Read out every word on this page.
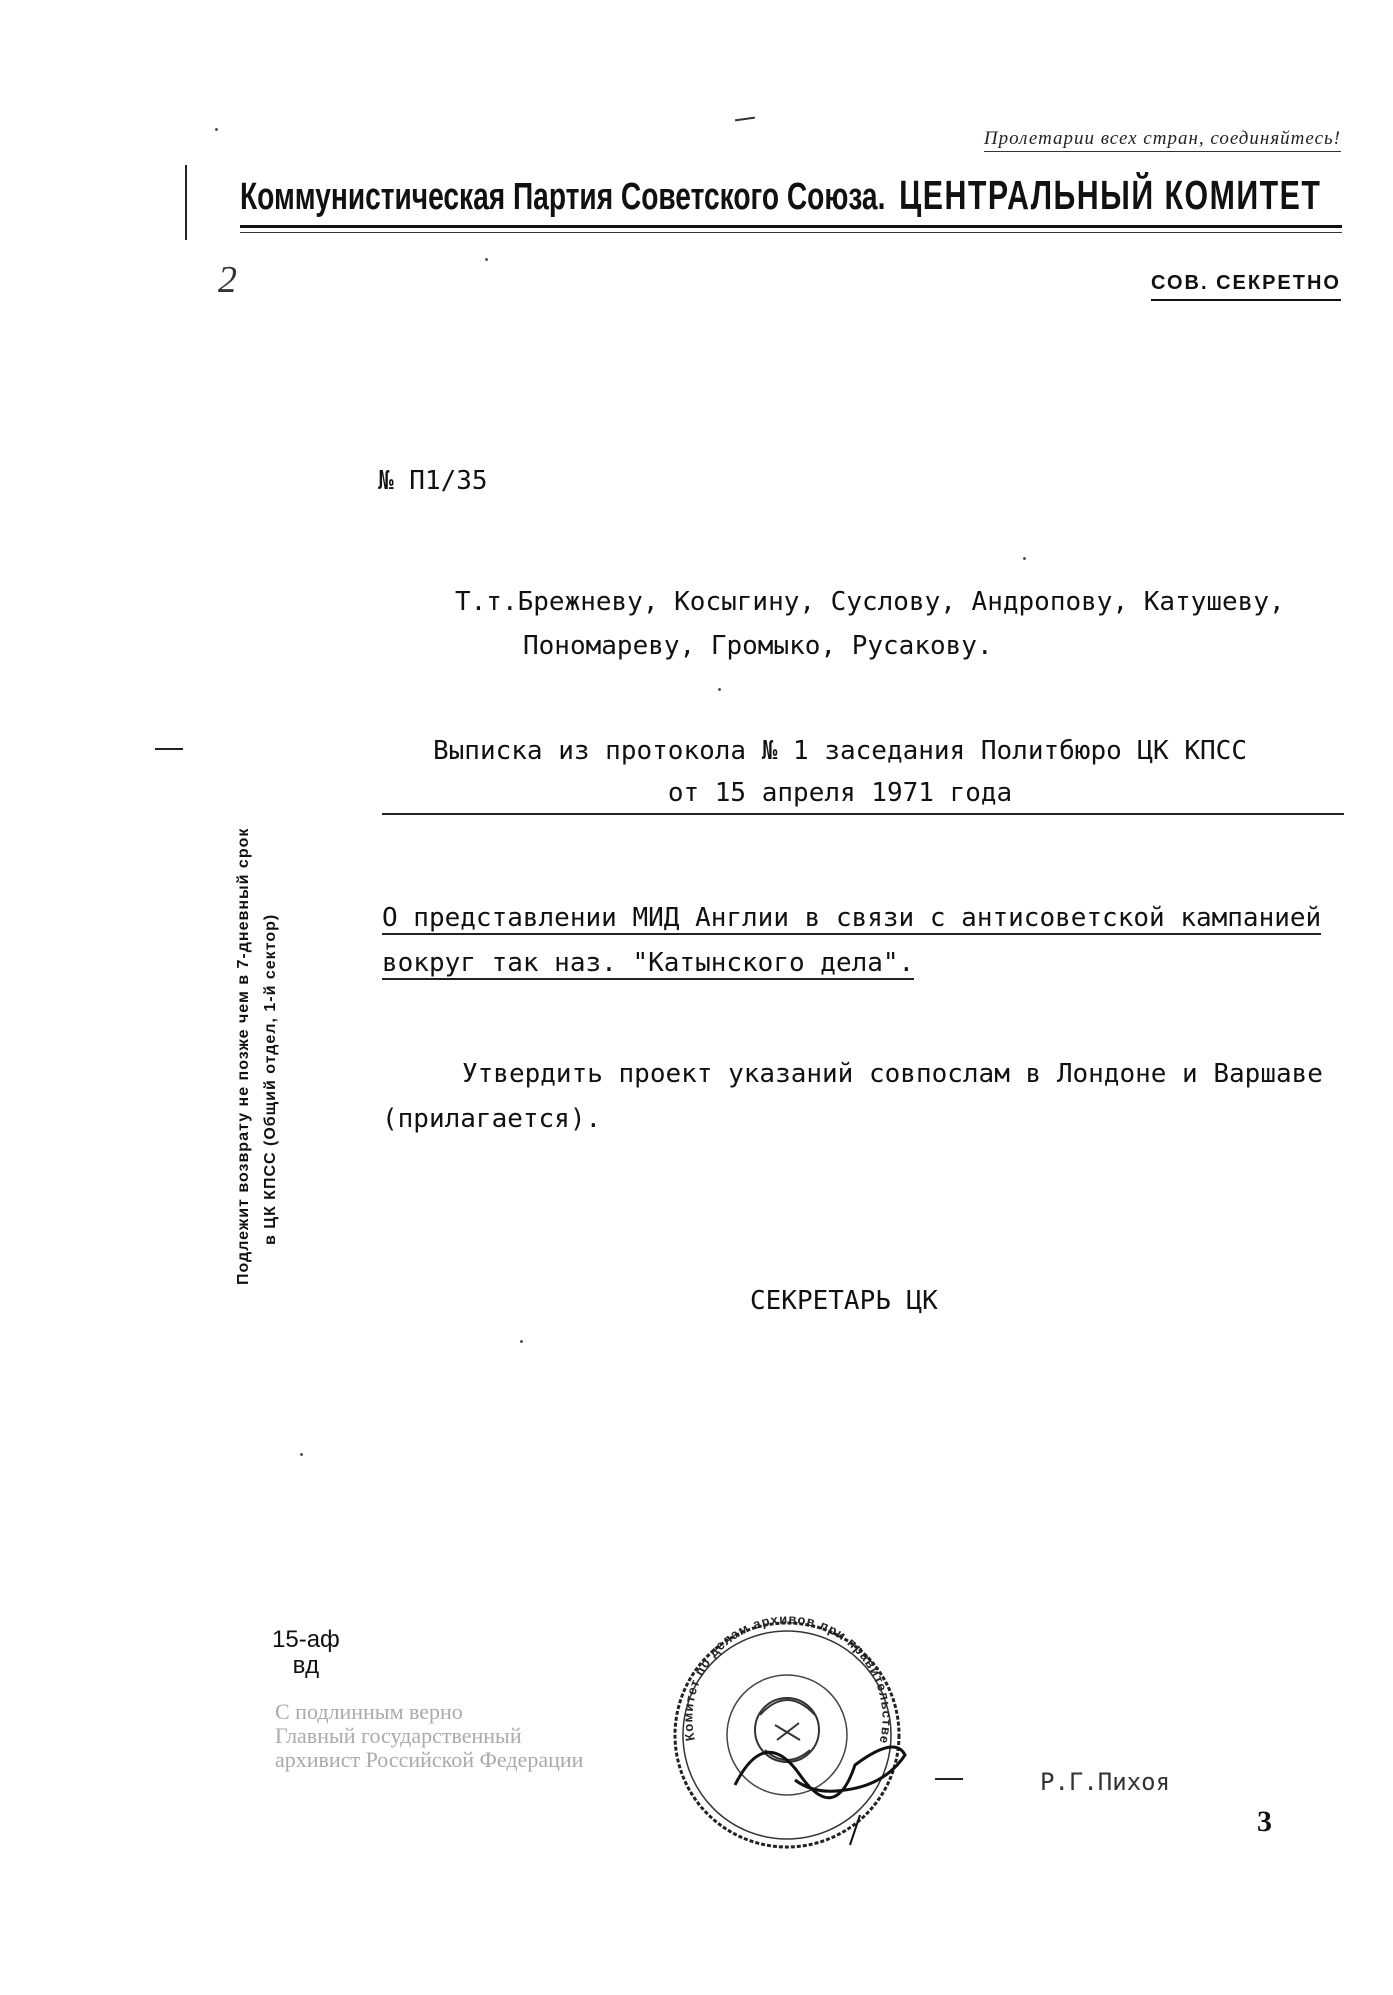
Пролетарии всех стран, соединяйтесь!
Коммунистическая Партия Советского Союза. ЦЕНТРАЛЬНЫЙ КОМИТЕТ
2	СОВ. СЕКРЕТНО
№ П1/35
Т.т.Брежневу, Косыгину, Суслову, Андропову, Катушеву,
Пономареву, Громыко, Русакову.
Выписка из протокола № 1 заседания Политбюро ЦК КПСС
от 15 апреля 1971 года
О представлении МИД Англии в связи с антисоветской кампанией
вокруг так наз. "Катынского дела".
Утвердить проект указаний совпослам в Лондоне и Варшаве (прилагается).
СЕКРЕТАРЬ ЦК
Подлежит возврату не позже чем в 7-дневный срок в ЦК КПСС (Общий отдел, 1-й сектор)
15-аф
вд
С подлинным верно
Главный государственный
архивист Российской Федерации
Комитет по делам архивов при правительстве
Р.Г.Пихоя
3
